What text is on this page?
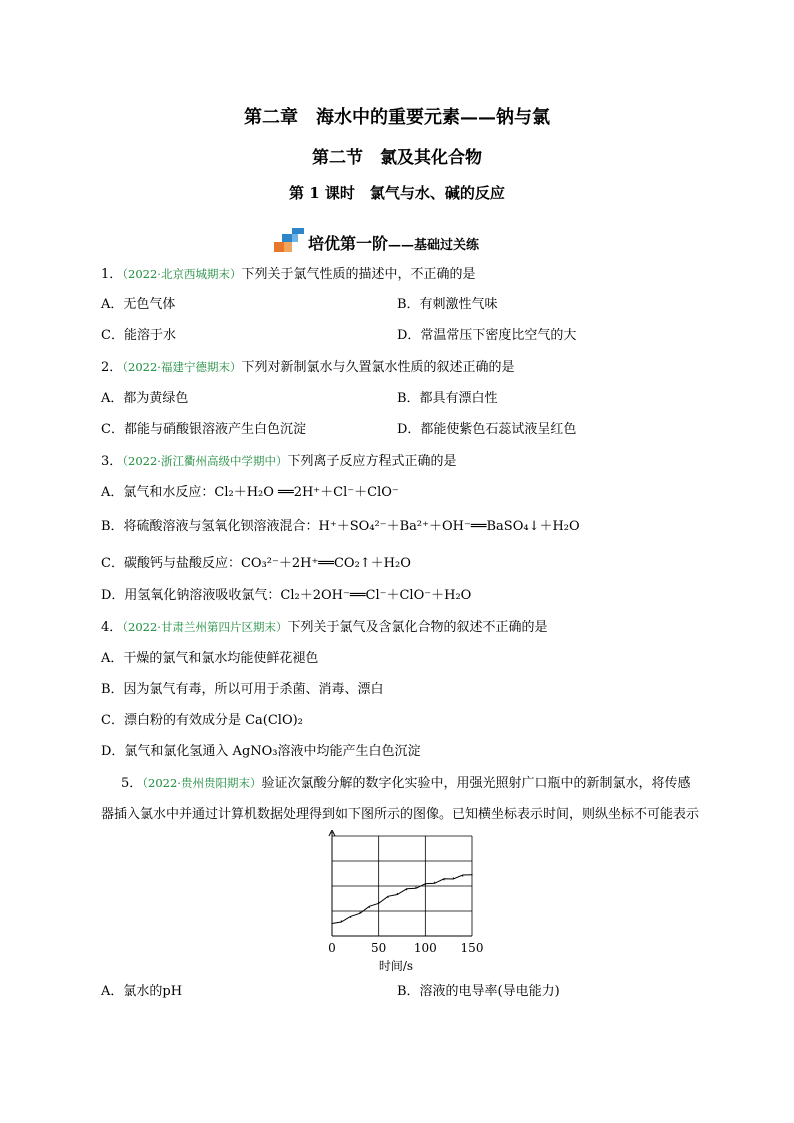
第二章　海水中的重要元素——钠与氯
第二节　氯及其化合物
第 1 课时　氯气与水、碱的反应
培优第一阶——基础过关练
1．（2022·北京西城期末）下列关于氯气性质的描述中，不正确的是
A．无色气体	B．有刺激性气味
C．能溶于水	D．常温常压下密度比空气的大
2．（2022·福建宁德期末）下列对新制氯水与久置氯水性质的叙述正确的是
A．都为黄绿色	B．都具有漂白性
C．都能与硝酸银溶液产生白色沉淀	D．都能使紫色石蕊试液呈红色
3．（2022·浙江衢州高级中学期中）下列离子反应方程式正确的是
A．氯气和水反应：Cl₂＋H₂O ══2H⁺＋Cl⁻＋ClO⁻
B．将硫酸溶液与氢氧化钡溶液混合：H⁺＋SO₄²⁻＋Ba²⁺＋OH⁻══BaSO₄↓＋H₂O
C．碳酸钙与盐酸反应：CO₃²⁻＋2H⁺══CO₂↑＋H₂O
D．用氢氧化钠溶液吸收氯气：Cl₂＋2OH⁻══Cl⁻＋ClO⁻＋H₂O
4．（2022·甘肃兰州第四片区期末）下列关于氯气及含氯化合物的叙述不正确的是
A．干燥的氯气和氯水均能使鲜花褪色
B．因为氯气有毒，所以可用于杀菌、消毒、漂白
C．漂白粉的有效成分是 Ca(ClO)₂
D．氯气和氯化氢通入 AgNO₃溶液中均能产生白色沉淀
5．（2022·贵州贵阳期末）验证次氯酸分解的数字化实验中，用强光照射广口瓶中的新制氯水，将传感
器插入氯水中并通过计算机数据处理得到如下图所示的图像。已知横坐标表示时间，则纵坐标不可能表示
0	50 100 150
时间/s
A．氯水的pH	B．溶液的电导率(导电能力)
